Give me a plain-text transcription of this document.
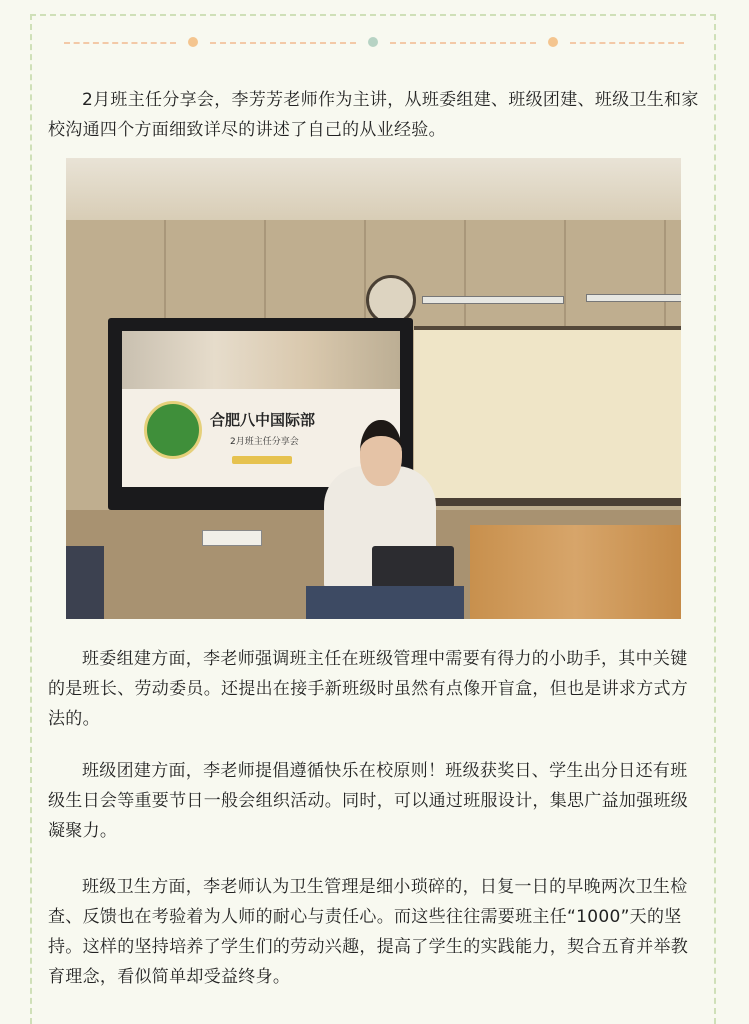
2月班主任分享会，李芳芳老师作为主讲，从班委组建、班级团建、班级卫生和家校沟通四个方面细致详尽的讲述了自己的从业经验。

合肥八中国际部
2月班主任分享会

班委组建方面，李老师强调班主任在班级管理中需要有得力的小助手，其中关键的是班长、劳动委员。还提出在接手新班级时虽然有点像开盲盒，但也是讲求方式方法的。

班级团建方面，李老师提倡遵循快乐在校原则！班级获奖日、学生出分日还有班级生日会等重要节日一般会组织活动。同时，可以通过班服设计，集思广益加强班级凝聚力。

班级卫生方面，李老师认为卫生管理是细小琐碎的，日复一日的早晚两次卫生检查、反馈也在考验着为人师的耐心与责任心。而这些往往需要班主任“1000”天的坚持。这样的坚持培养了学生们的劳动兴趣，提高了学生的实践能力，契合五育并举教育理念，看似简单却受益终身。
